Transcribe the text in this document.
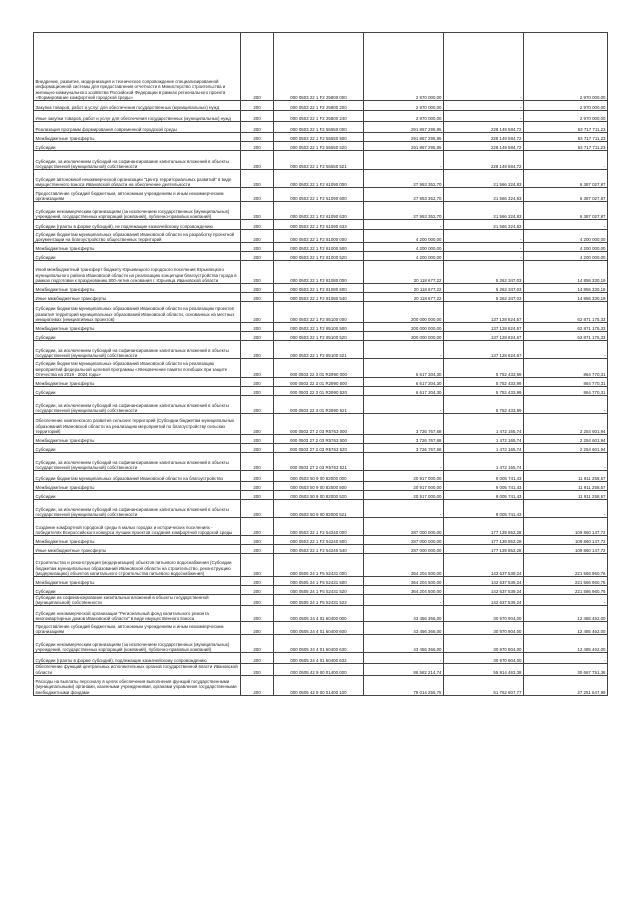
Внедрение, развитие, модернизация и техническое сопровождение специализированной информационной системы для предоставления отчетности в Министерство строительства и жилищно-коммунального хозяйства Российской Федерации в рамках регионального проекта «Формирование комфортной городской среды»	200	000 0503 22 1 F2 25800 000	2 970 000,00	-	2 970 000,00
Закупка товаров, работ и услуг для обеспечения государственных (муниципальных) нужд	200	000 0503 22 1 F2 25800 200	2 970 000,00	-	2 970 000,00
Иные закупки товаров, работ и услуг для обеспечения государственных (муниципальных) нужд	200	000 0503 22 1 F2 25800 240	2 970 000,00	-	2 970 000,00
Реализация программ формирования современной городской среды	200	000 0503 22 1 F2 55550 000	291 867 295,95	228 149 584,72	63 717 711,23
Межбюджетные трансферты	200	000 0503 22 1 F2 55550 500	291 867 295,95	228 149 584,72	63 717 711,23
Субсидии	200	000 0503 22 1 F2 55550 520	291 867 295,95	228 149 584,72	63 717 711,23
Субсидии, за исключением субсидий на софинансирование капитальных вложений в объекты государственной (муниципальной) собственности	200	000 0503 22 1 F2 55550 521	-	228 149 584,72	-
Субсидия автономной некоммерческой организации "Центр территориальных развитий" в виде имущественного взноса Ивановской области на обеспечение деятельности	200	000 0503 22 1 F2 61090 000	27 953 352,70	21 566 324,83	6 387 027,87
Предоставление субсидий бюджетным, автономным учреждениям и иным некоммерческим организациям	200	000 0503 22 1 F2 61090 600	27 953 352,70	21 566 324,83	6 387 027,87
Субсидии некоммерческим организациям (за исключением государственных (муниципальных) учреждений, государственных корпораций (компаний), публично-правовых компаний)	200	000 0503 22 1 F2 61090 630	27 953 352,70	21 566 324,83	6 387 027,87
Субсидии (гранты в форме субсидий), не подлежащие казначейскому сопровождению	200	000 0503 22 1 F2 61090 633	-	21 566 324,83	-
Субсидии бюджетам муниципальных образований Ивановской области на разработку проектной документации на благоустройство общественных территорий	200	000 0503 22 1 F2 81000 000	4 200 000,00	-	4 200 000,00
Межбюджетные трансферты	200	000 0503 22 1 F2 81000 500	4 200 000,00	-	4 200 000,00
Субсидии	200	000 0503 22 1 F2 81000 520	4 200 000,00	-	4 200 000,00
Иной межбюджетный трансферт бюджету Юрьевецкого городского поселения Юрьевецкого муниципального района Ивановской области на реализацию концепции благоустройства города в рамках подготовки к празднованию 800-летия основания г. Юрьевца Ивановской области	200	000 0503 22 1 F2 81080 000	20 118 677,22	5 262 347,03	14 856 330,19
Межбюджетные трансферты	200	000 0503 22 1 F2 81080 500	20 118 677,22	5 262 347,03	14 856 330,19
Иные межбюджетные трансферты	200	000 0503 22 1 F2 81080 540	20 118 677,22	5 262 347,03	14 856 330,19
Субсидии бюджетам муниципальных образований Ивановской области на реализацию проектов развития территорий муниципальных образований Ивановской области, основанных на местных инициативах (инициативных проектов)	200	000 0503 22 1 F2 85100 000	200 000 000,00	137 128 824,67	62 871 175,33
Межбюджетные трансферты	200	000 0503 22 1 F2 85100 500	200 000 000,00	137 128 824,67	62 871 175,33
Субсидии	200	000 0503 22 1 F2 85100 520	200 000 000,00	137 128 824,67	62 871 175,33
Субсидии, за исключением субсидий на софинансирование капитальных вложений в объекты государственной (муниципальной) собственности	200	000 0503 22 1 F2 85100 521	-	137 128 824,67	-
Субсидии бюджетам муниципальных образований Ивановской области на реализацию мероприятий федеральной целевой программы «Увековечение памяти погибших при защите Отечества на 2019 - 2024 годы»	200	000 0503 22 3 01 R2990 000	6 617 204,30	5 752 433,99	864 770,31
Межбюджетные трансферты	200	000 0503 22 3 01 R2990 500	6 617 204,30	5 752 433,99	864 770,31
Субсидии	200	000 0503 22 3 01 R2990 520	6 617 204,30	5 752 433,99	864 770,31
Субсидии, за исключением субсидий на софинансирование капитальных вложений в объекты государственной (муниципальной) собственности	200	000 0503 22 3 01 R2990 521	-	5 752 433,99	-
Обеспечение комплексного развития сельских территорий (Субсидии бюджетам муниципальных образований Ивановской области на реализацию мероприятий по благоустройству сельских территорий)	200	000 0503 27 2 03 R5763 000	3 726 767,68	1 472 165,74	2 254 601,94
Межбюджетные трансферты	200	000 0503 27 2 03 R5763 500	3 726 767,68	1 472 165,74	2 254 601,94
Субсидии	200	000 0503 27 2 03 R5763 520	3 726 767,68	1 472 165,74	2 254 601,94
Субсидии, за исключением субсидий на софинансирование капитальных вложений в объекты государственной (муниципальной) собственности	200	000 0503 27 2 03 R5763 521	-	1 472 165,74	-
Субсидии бюджетам муниципальных образований Ивановской области на благоустройство	200	000 0503 50 9 00 82000 000	20 917 000,00	9 005 741,43	11 911 258,57
Межбюджетные трансферты	200	000 0503 50 9 00 82000 500	20 917 000,00	9 005 741,43	11 911 258,57
Субсидии	200	000 0503 50 9 00 82000 520	20 917 000,00	9 005 741,43	11 911 258,57
Субсидии, за исключением субсидий на софинансирование капитальных вложений в объекты государственной (муниципальной) собственности	200	000 0503 50 9 00 82000 521	-	9 005 741,43	-
Создание комфортной городской среды в малых городах и исторических поселениях - победителях Всероссийского конкурса лучших проектов создания комфортной городской среды	200	000 0503 22 1 F2 54240 000	287 000 000,00	177 139 852,28	109 860 147,72
Межбюджетные трансферты	200	000 0503 22 1 F2 54240 500	287 000 000,00	177 139 852,28	109 860 147,72
Иные межбюджетные трансферты	200	000 0503 22 1 F2 54240 540	287 000 000,00	177 139 852,28	109 860 147,72
Строительство и реконструкция (модернизация) объектов питьевого водоснабжения (Субсидии бюджетам муниципальных образований Ивановской области на строительство, реконструкцию (модернизацию) объектов капитального строительства питьевого водоснабжения)	200	000 0505 24 1 F5 52431 000	364 204 500,00	142 637 539,24	221 566 960,76
Межбюджетные трансферты	200	000 0505 24 1 F5 52431 500	364 204 500,00	142 637 539,24	221 566 960,76
Субсидии	200	000 0505 24 1 F5 52431 520	364 204 500,00	142 637 539,24	221 566 960,76
Субсидии на софинансирование капитальных вложений в объекты государственной (муниципальной) собственности	200	000 0505 24 1 F5 52431 522	-	142 637 539,24	-
Субсидия некоммерческой организации "Региональный фонд капитального ремонта многоквартирных домов Ивановской области" в виде имущественного взноса	200	000 0505 24 4 01 60400 000	43 456 366,00	30 970 904,00	12 485 462,00
Предоставление субсидий бюджетным, автономным учреждениям и иным некоммерческим организациям	200	000 0505 24 4 01 60400 600	43 456 366,00	30 970 904,00	12 485 462,00
Субсидии некоммерческим организациям (за исключением государственных (муниципальных) учреждений, государственных корпораций (компаний), публично-правовых компаний)	200	000 0505 24 4 01 60400 630	43 456 366,00	30 970 904,00	12 485 462,00
Субсидии (гранты в форме субсидий), подлежащие казначейскому сопровождению	200	000 0505 24 4 01 60400 632	-	30 970 904,00	-
Обеспечение функций центральных исполнительных органов государственной власти Ивановской области	200	000 0505 42 9 00 01400 000	86 582 214,74	55 914 463,38	30 667 751,36
Расходы на выплаты персоналу в целях обеспечения выполнения функций государственными (муниципальными) органами, казенными учреждениями, органами управления государственными внебюджетными фондами	200	000 0505 42 9 00 01400 100	79 014 255,75	51 762 607,77	27 251 647,98
